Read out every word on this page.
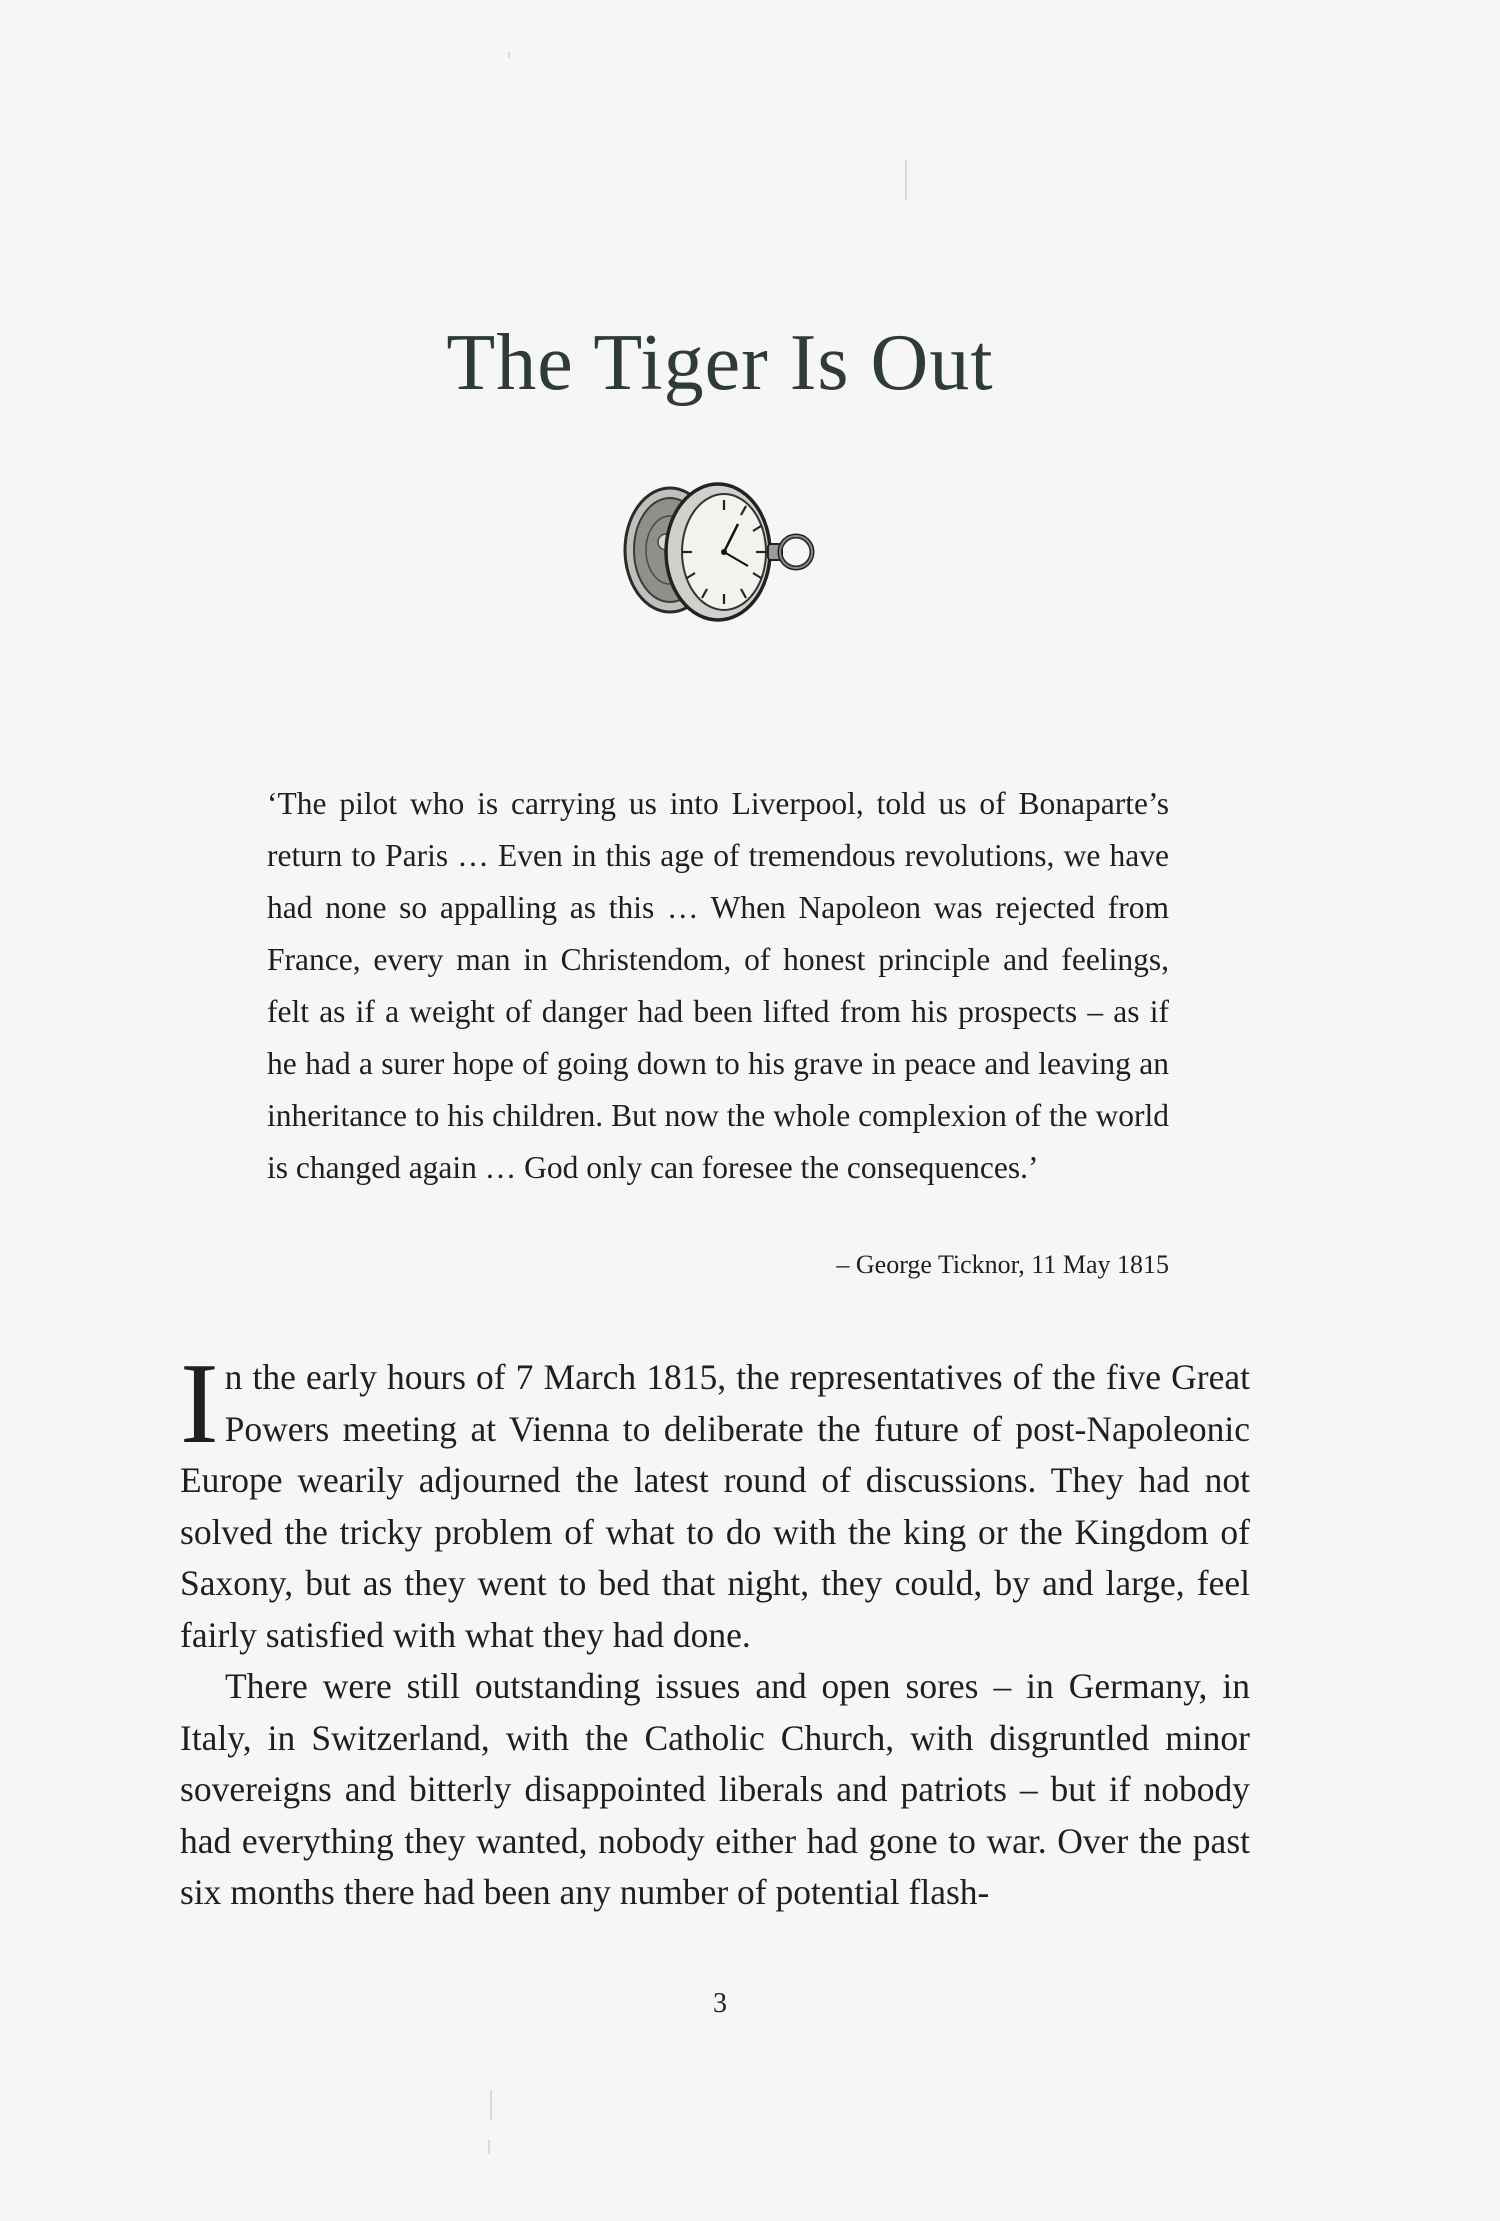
The Tiger Is Out

‘The pilot who is carrying us into Liverpool, told us of Bonaparte’s return to Paris … Even in this age of tremendous revolutions, we have had none so appalling as this … When Napoleon was rejected from France, every man in Christendom, of honest principle and feelings, felt as if a weight of danger had been lifted from his prospects – as if he had a surer hope of going down to his grave in peace and leaving an inheritance to his children. But now the whole complexion of the world is changed again … God only can foresee the consequences.’

– George Ticknor, 11 May 1815

In the early hours of 7 March 1815, the representatives of the five Great Powers meeting at Vienna to deliberate the future of post-Napoleonic Europe wearily adjourned the latest round of discussions. They had not solved the tricky problem of what to do with the king or the Kingdom of Saxony, but as they went to bed that night, they could, by and large, feel fairly satisfied with what they had done.

There were still outstanding issues and open sores – in Germany, in Italy, in Switzerland, with the Catholic Church, with disgruntled minor sovereigns and bitterly disappointed liberals and patriots – but if nobody had everything they wanted, nobody either had gone to war. Over the past six months there had been any number of potential flash-

3
